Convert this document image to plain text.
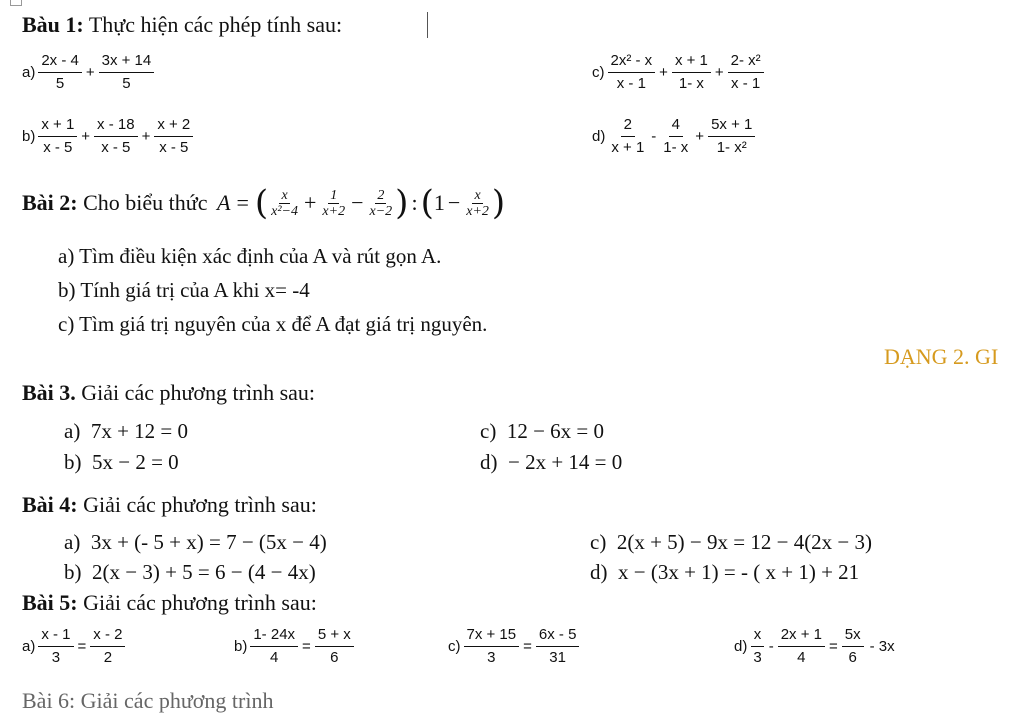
Bàu 1: Thực hiện các phép tính sau:
$a) \frac{2x - 4}{5} + \frac{3x + 14}{5}$	$c) \frac{\text{2x² - x}}{x - 1} + \frac{x + 1}{1- x} + \frac{\text{2- x²}}{x - 1}$
$b) \frac{x + 1}{x - 5} + \frac{x - 18}{x - 5} + \frac{x + 2}{x - 5}$	$d) \frac{2}{x + 1} - \frac{4}{1- x} + \frac{5x + 1}{\text{1- x²}}$
Bài 2: Cho biểu thức A = ( $\frac{x}{\text{x²−4}} + \frac{1}{x+2} - \frac{2}{x-2}$ ) : ( $1 - \frac{x}{x+2}$ )
a) Tìm điều kiện xác định của A và rút gọn A.
b) Tính giá trị của A khi x= -4
c) Tìm giá trị nguyên của x để A đạt giá trị nguyên.
DẠNG 2. GI
Bài 3. Giải các phương trình sau:
a) 7x + 12 = 0	c) 12 − 6x = 0
b) 5x − 2 = 0	d) − 2x + 14 = 0
Bài 4: Giải các phương trình sau:
a) 3x + (- 5 + x) = 7 − (5x − 4)	c) 2(x + 5) − 9x = 12 − 4(2x − 3)
b) 2(x − 3) + 5 = 6 − (4 − 4x)	d) x − (3x + 1) = - ( x + 1) + 21
Bài 5: Giải các phương trình sau:
$a) \frac{x - 1}{3} = \frac{x - 2}{2}$	$b) \frac{1- 24x}{4} = \frac{5 + x}{6}$	$c) \frac{7x + 15}{3} = \frac{6x - 5}{31}$	$d) \frac{x}{3} - \frac{2x + 1}{4} = \frac{5x}{6} - 3x$
Bài 6: Giải các phương trình
